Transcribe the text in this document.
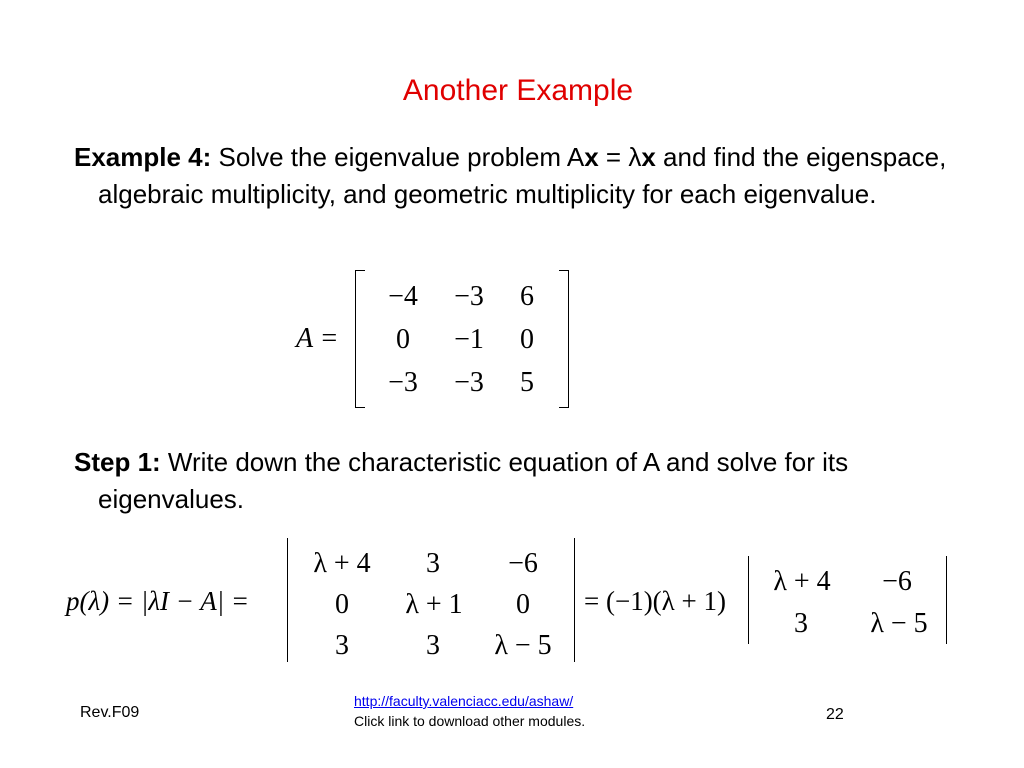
Another Example
Example 4: Solve the eigenvalue problem Ax = λx and find the eigenspace, algebraic multiplicity, and geometric multiplicity for each eigenvalue.
A =
−4	−3	6
0	−1	0
−3	−3	5
Step 1: Write down the characteristic equation of A and solve for its eigenvalues.
p(λ) = |λI − A| =
λ + 4	3	−6
0	λ + 1	0
3	3	λ − 5
= (−1)(λ + 1)
λ + 4	−6
3	λ − 5
Rev.F09
http://faculty.valenciacc.edu/ashaw/
Click link to download other modules.	22
